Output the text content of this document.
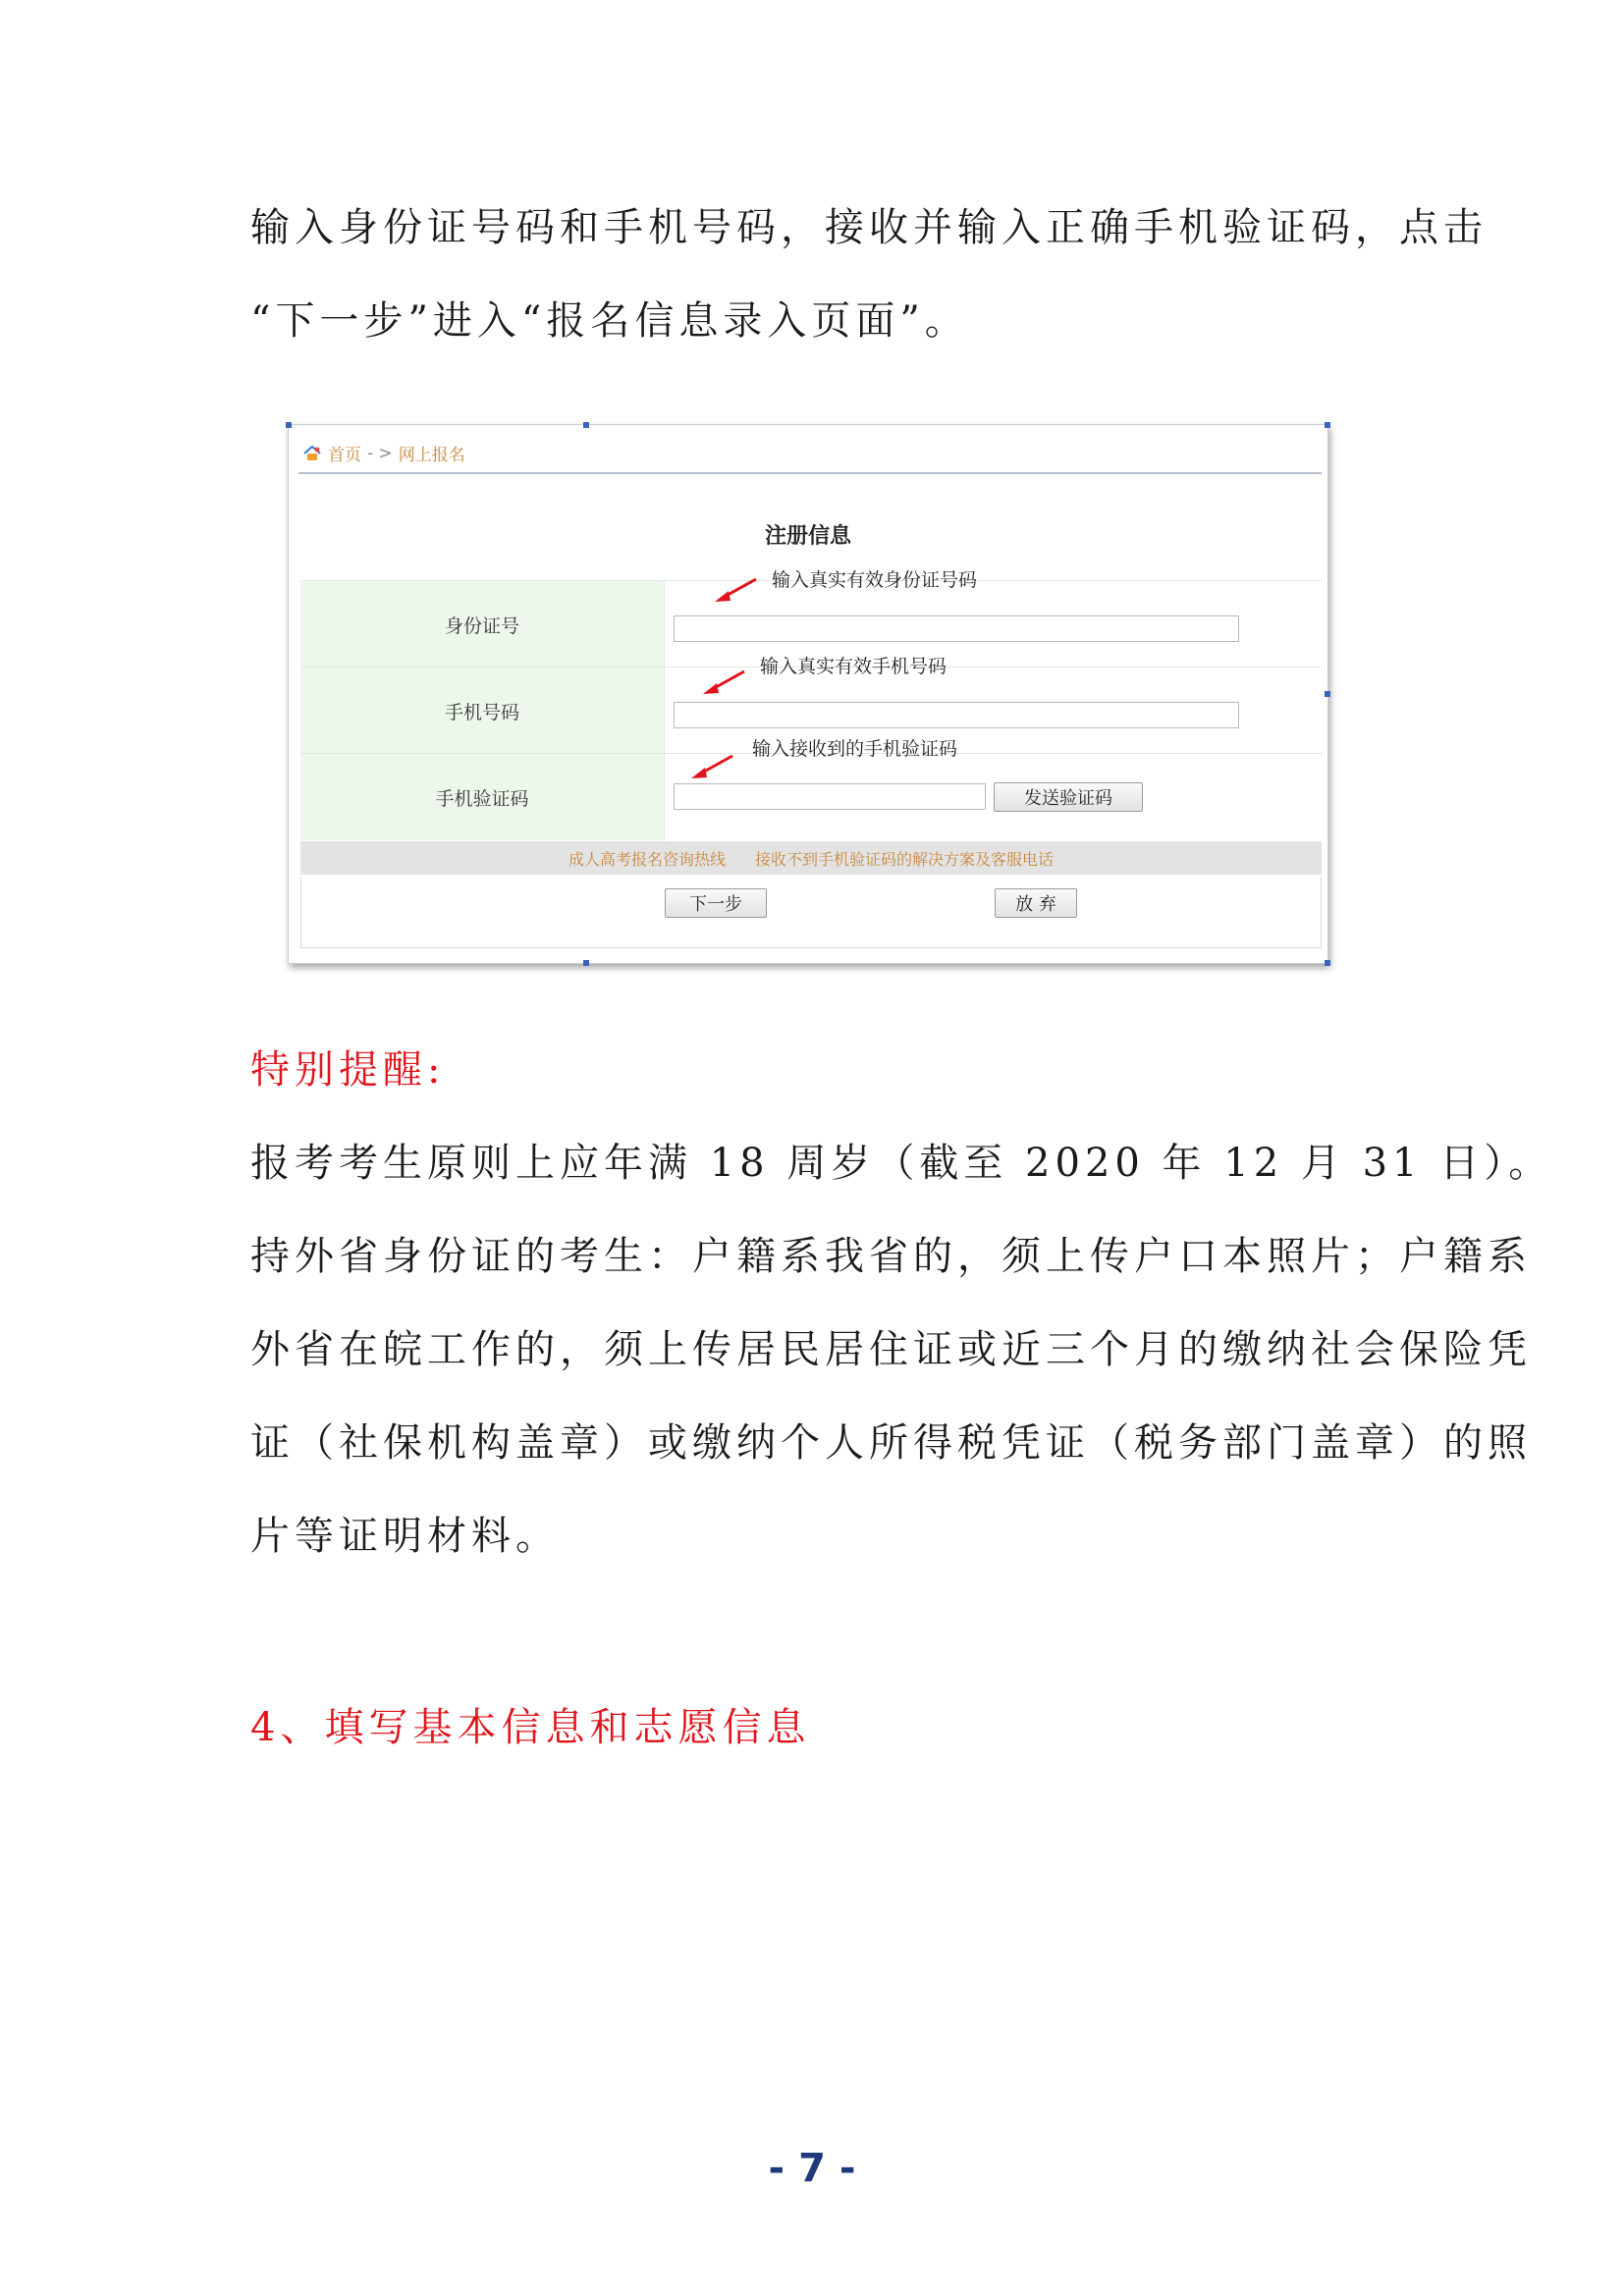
输入身份证号码和手机号码，接收并输入正确手机验证码，点击
“下一步”进入“报名信息录入页面”。
首页 - > 网上报名
注册信息
身份证号
输入真实有效身份证号码
手机号码
输入真实有效手机号码
手机验证码	发送验证码
输入接收到的手机验证码
成人高考报名咨询热线 接收不到手机验证码的解决方案及客服电话
下一步	放 弃
特别提醒:
报考考生原则上应年满 18 周岁（截至 2020 年 12 月 31 日）。
持外省身份证的考生：户籍系我省的，须上传户口本照片；户籍系
外省在皖工作的，须上传居民居住证或近三个月的缴纳社会保险凭
证（社保机构盖章）或缴纳个人所得税凭证（税务部门盖章）的照
片等证明材料。
4、填写基本信息和志愿信息
- 7 -
